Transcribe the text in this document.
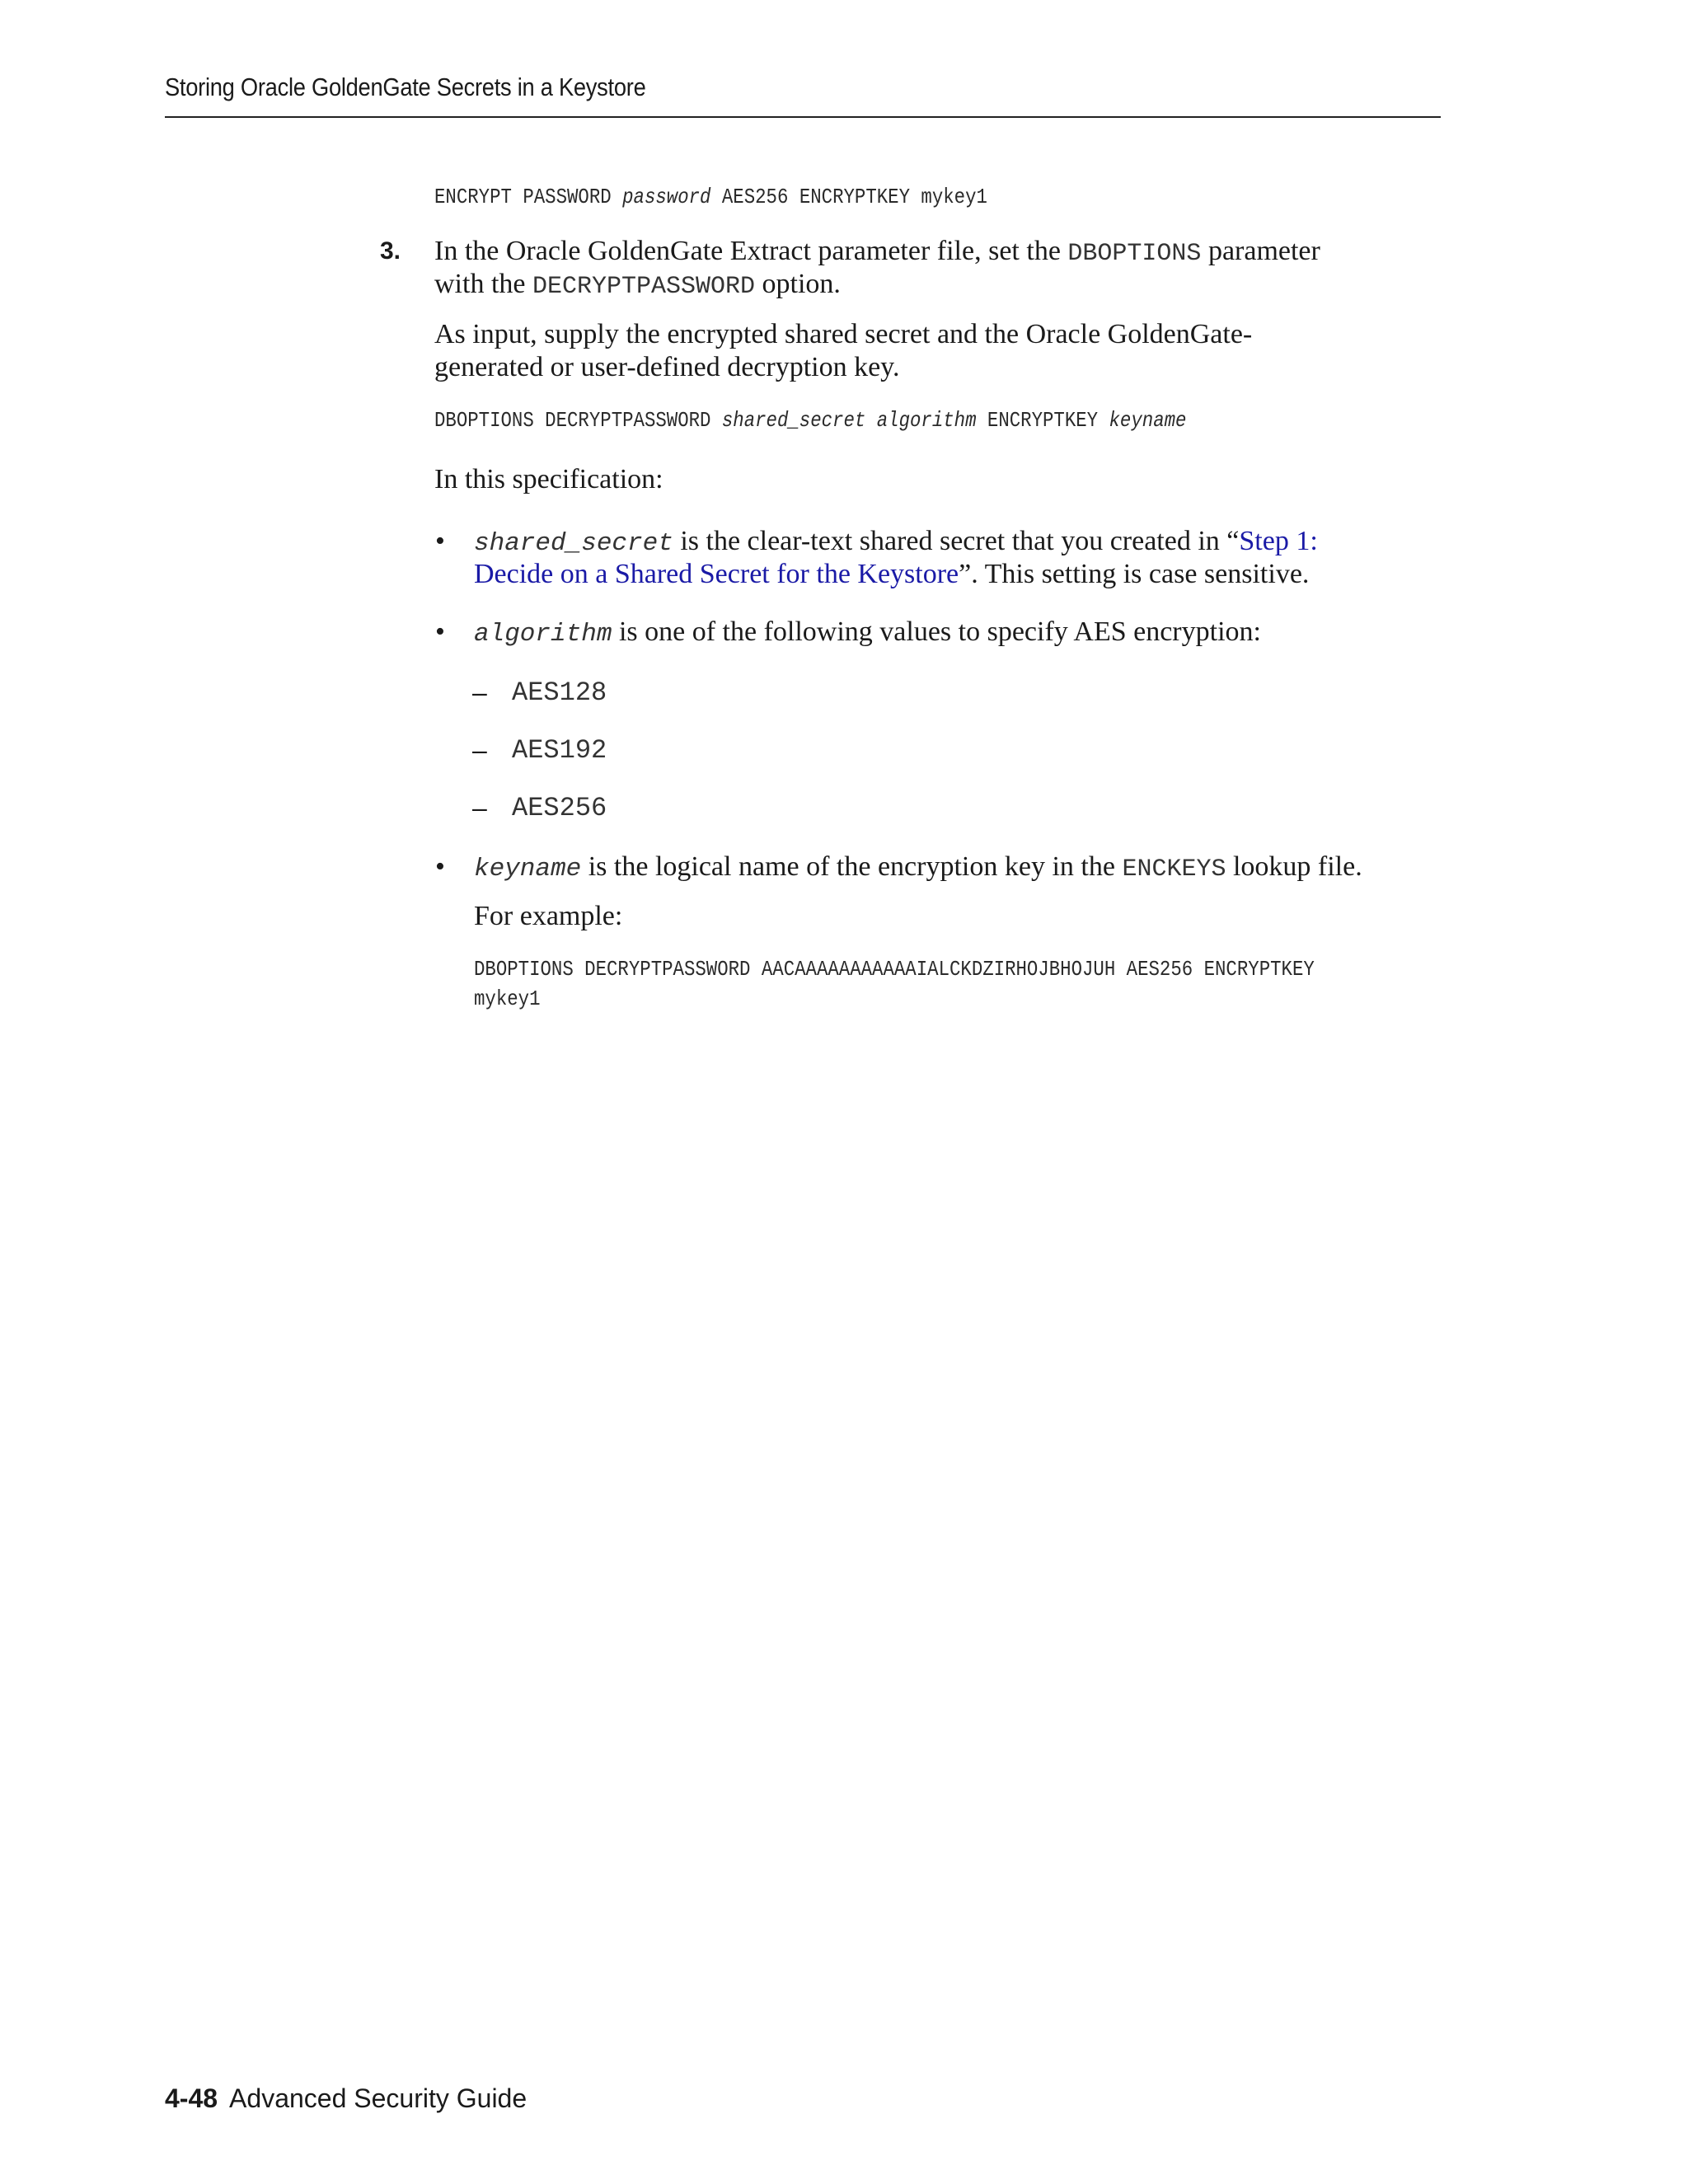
Storing Oracle GoldenGate Secrets in a Keystore
ENCRYPT PASSWORD password AES256 ENCRYPTKEY mykey1
3. In the Oracle GoldenGate Extract parameter file, set the DBOPTIONS parameter
with the DECRYPTPASSWORD option.
As input, supply the encrypted shared secret and the Oracle GoldenGate-
generated or user-defined decryption key.
DBOPTIONS DECRYPTPASSWORD shared_secret algorithm ENCRYPTKEY keyname
In this specification:
• shared_secret is the clear-text shared secret that you created in “Step 1:
Decide on a Shared Secret for the Keystore”. This setting is case sensitive.
• algorithm is one of the following values to specify AES encryption:
– AES128
– AES192
– AES256
• keyname is the logical name of the encryption key in the ENCKEYS lookup file.
For example:
DBOPTIONS DECRYPTPASSWORD AACAAAAAAAAAAAIALCKDZIRHOJBHOJUH AES256 ENCRYPTKEY
mykey1
4-48 Advanced Security Guide
